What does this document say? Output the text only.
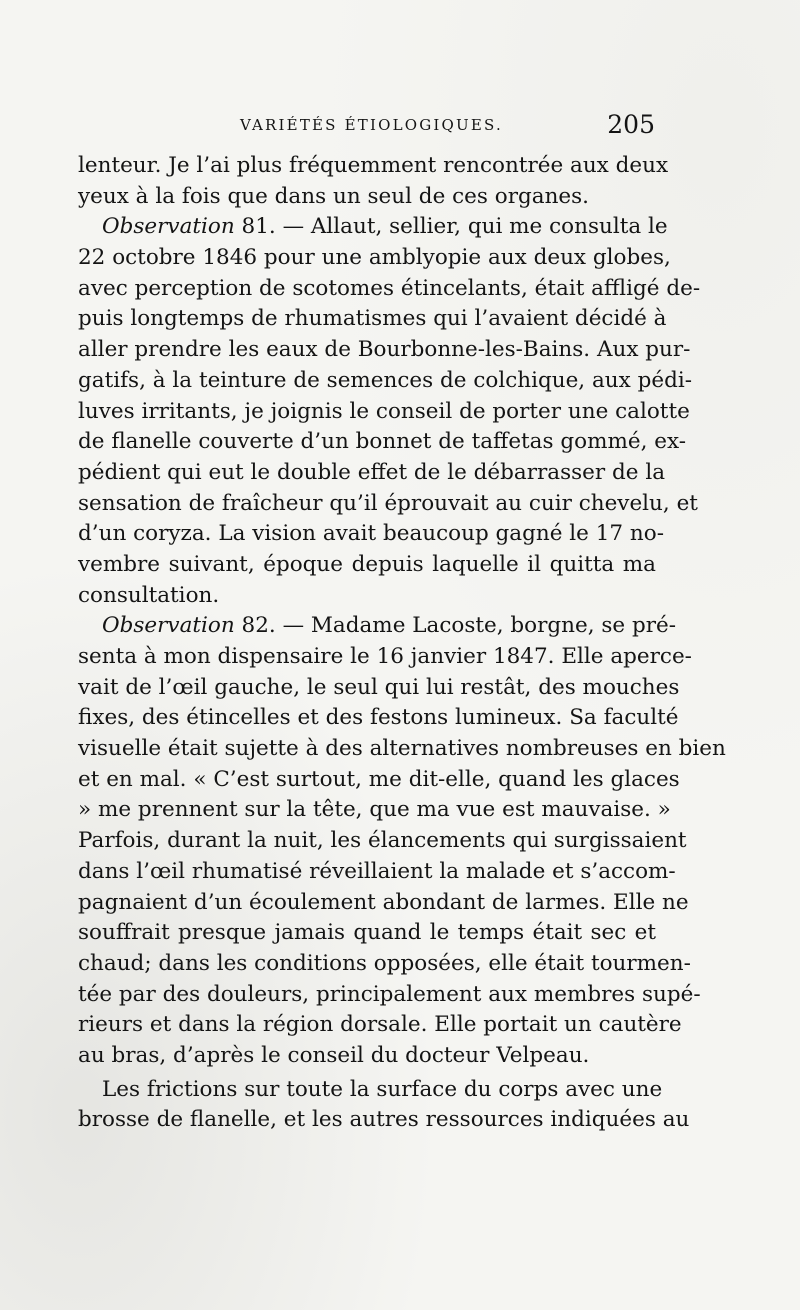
VARIÉTÉS ÉTIOLOGIQUES.	205
lenteur. Je l’ai plus fréquemment rencontrée aux deux
yeux à la fois que dans un seul de ces organes.
Observation 81. — Allaut, sellier, qui me consulta le
22 octobre 1846 pour une amblyopie aux deux globes,
avec perception de scotomes étincelants, était affligé de-
puis longtemps de rhumatismes qui l’avaient décidé à
aller prendre les eaux de Bourbonne-les-Bains. Aux pur-
gatifs, à la teinture de semences de colchique, aux pédi-
luves irritants, je joignis le conseil de porter une calotte
de flanelle couverte d’un bonnet de taffetas gommé, ex-
pédient qui eut le double effet de le débarrasser de la
sensation de fraîcheur qu’il éprouvait au cuir chevelu, et
d’un coryza. La vision avait beaucoup gagné le 17 no-
vembre suivant, époque depuis laquelle il quitta ma
consultation.
Observation 82. — Madame Lacoste, borgne, se pré-
senta à mon dispensaire le 16 janvier 1847. Elle aperce-
vait de l’œil gauche, le seul qui lui restât, des mouches
fixes, des étincelles et des festons lumineux. Sa faculté
visuelle était sujette à des alternatives nombreuses en bien
et en mal. « C’est surtout, me dit-elle, quand les glaces
» me prennent sur la tête, que ma vue est mauvaise. »
Parfois, durant la nuit, les élancements qui surgissaient
dans l’œil rhumatisé réveillaient la malade et s’accom-
pagnaient d’un écoulement abondant de larmes. Elle ne
souffrait presque jamais quand le temps était sec et
chaud; dans les conditions opposées, elle était tourmen-
tée par des douleurs, principalement aux membres supé-
rieurs et dans la région dorsale. Elle portait un cautère
au bras, d’après le conseil du docteur Velpeau.
Les frictions sur toute la surface du corps avec une
brosse de flanelle, et les autres ressources indiquées au
